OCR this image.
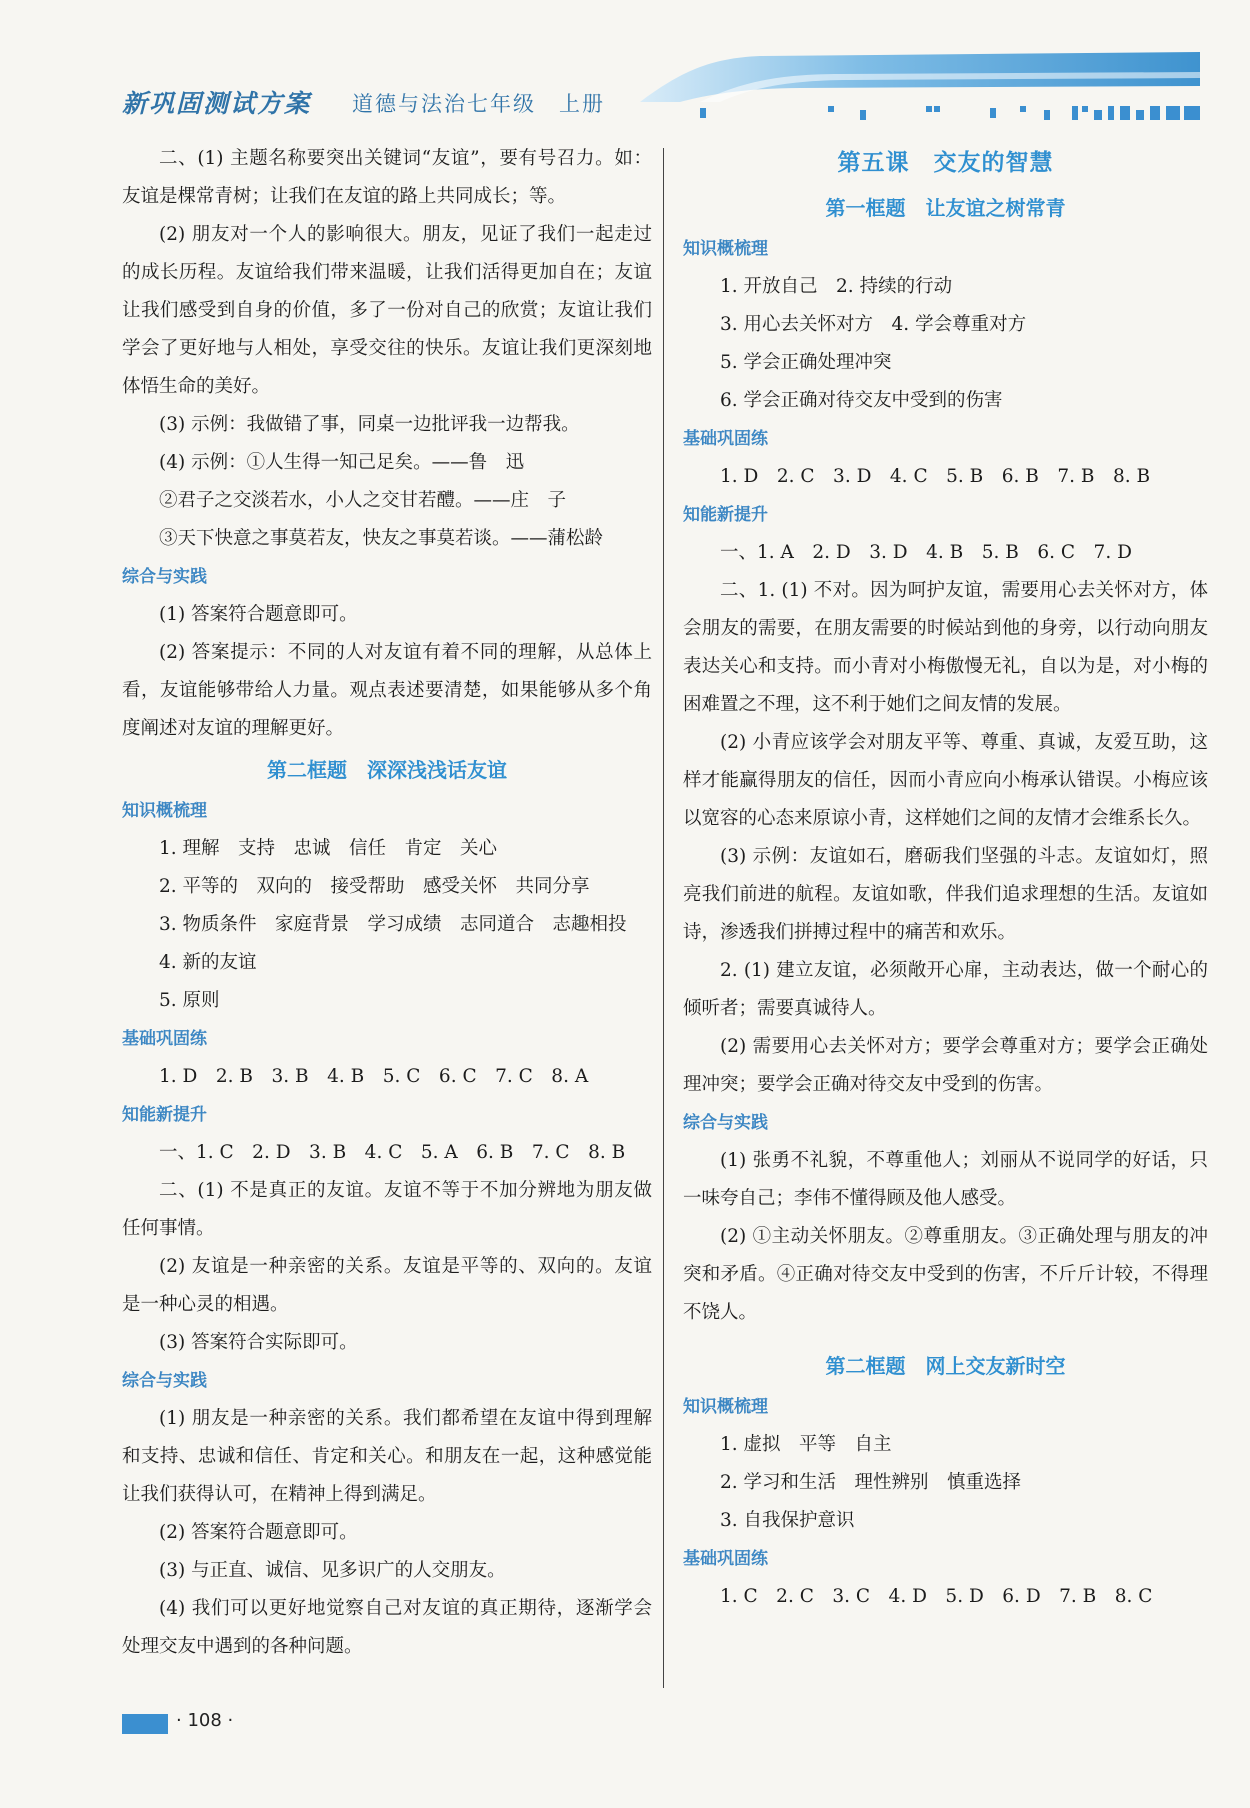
新巩固测试方案 道德与法治七年级　上册

二、(1) 主题名称要突出关键词“友谊”，要有号召力。如：友谊是棵常青树；让我们在友谊的路上共同成长；等。

(2) 朋友对一个人的影响很大。朋友，见证了我们一起走过的成长历程。友谊给我们带来温暖，让我们活得更加自在；友谊让我们感受到自身的价值，多了一份对自己的欣赏；友谊让我们学会了更好地与人相处，享受交往的快乐。友谊让我们更深刻地体悟生命的美好。

(3) 示例：我做错了事，同桌一边批评我一边帮我。

(4) 示例：①人生得一知己足矣。——鲁　迅

②君子之交淡若水，小人之交甘若醴。——庄　子

③天下快意之事莫若友，快友之事莫若谈。——蒲松龄

综合与实践

(1) 答案符合题意即可。

(2) 答案提示：不同的人对友谊有着不同的理解，从总体上看，友谊能够带给人力量。观点表述要清楚，如果能够从多个角度阐述对友谊的理解更好。

第二框题　深深浅浅话友谊

知识概梳理

1. 理解　支持　忠诚　信任　肯定　关心

2. 平等的　双向的　接受帮助　感受关怀　共同分享

3. 物质条件　家庭背景　学习成绩　志同道合　志趣相投

4. 新的友谊

5. 原则

基础巩固练

1. D　2. B　3. B　4. B　5. C　6. C　7. C　8. A

知能新提升

一、1. C　2. D　3. B　4. C　5. A　6. B　7. C　8. B

二、(1) 不是真正的友谊。友谊不等于不加分辨地为朋友做任何事情。

(2) 友谊是一种亲密的关系。友谊是平等的、双向的。友谊是一种心灵的相遇。

(3) 答案符合实际即可。

综合与实践

(1) 朋友是一种亲密的关系。我们都希望在友谊中得到理解和支持、忠诚和信任、肯定和关心。和朋友在一起，这种感觉能让我们获得认可，在精神上得到满足。

(2) 答案符合题意即可。

(3) 与正直、诚信、见多识广的人交朋友。

(4) 我们可以更好地觉察自己对友谊的真正期待，逐渐学会处理交友中遇到的各种问题。

第五课　交友的智慧

第一框题　让友谊之树常青

知识概梳理

1. 开放自己　2. 持续的行动

3. 用心去关怀对方　4. 学会尊重对方

5. 学会正确处理冲突

6. 学会正确对待交友中受到的伤害

基础巩固练

1. D　2. C　3. D　4. C　5. B　6. B　7. B　8. B

知能新提升

一、1. A　2. D　3. D　4. B　5. B　6. C　7. D

二、1. (1) 不对。因为呵护友谊，需要用心去关怀对方，体会朋友的需要，在朋友需要的时候站到他的身旁，以行动向朋友表达关心和支持。而小青对小梅傲慢无礼，自以为是，对小梅的困难置之不理，这不利于她们之间友情的发展。

(2) 小青应该学会对朋友平等、尊重、真诚，友爱互助，这样才能赢得朋友的信任，因而小青应向小梅承认错误。小梅应该以宽容的心态来原谅小青，这样她们之间的友情才会维系长久。

(3) 示例：友谊如石，磨砺我们坚强的斗志。友谊如灯，照亮我们前进的航程。友谊如歌，伴我们追求理想的生活。友谊如诗，渗透我们拼搏过程中的痛苦和欢乐。

2. (1) 建立友谊，必须敞开心扉，主动表达，做一个耐心的倾听者；需要真诚待人。

(2) 需要用心去关怀对方；要学会尊重对方；要学会正确处理冲突；要学会正确对待交友中受到的伤害。

综合与实践

(1) 张勇不礼貌，不尊重他人；刘丽从不说同学的好话，只一味夸自己；李伟不懂得顾及他人感受。

(2) ①主动关怀朋友。②尊重朋友。③正确处理与朋友的冲突和矛盾。④正确对待交友中受到的伤害，不斤斤计较，不得理不饶人。

第二框题　网上交友新时空

知识概梳理

1. 虚拟　平等　自主

2. 学习和生活　理性辨别　慎重选择

3. 自我保护意识

基础巩固练

1. C　2. C　3. C　4. D　5. D　6. D　7. B　8. C

· 108 ·
